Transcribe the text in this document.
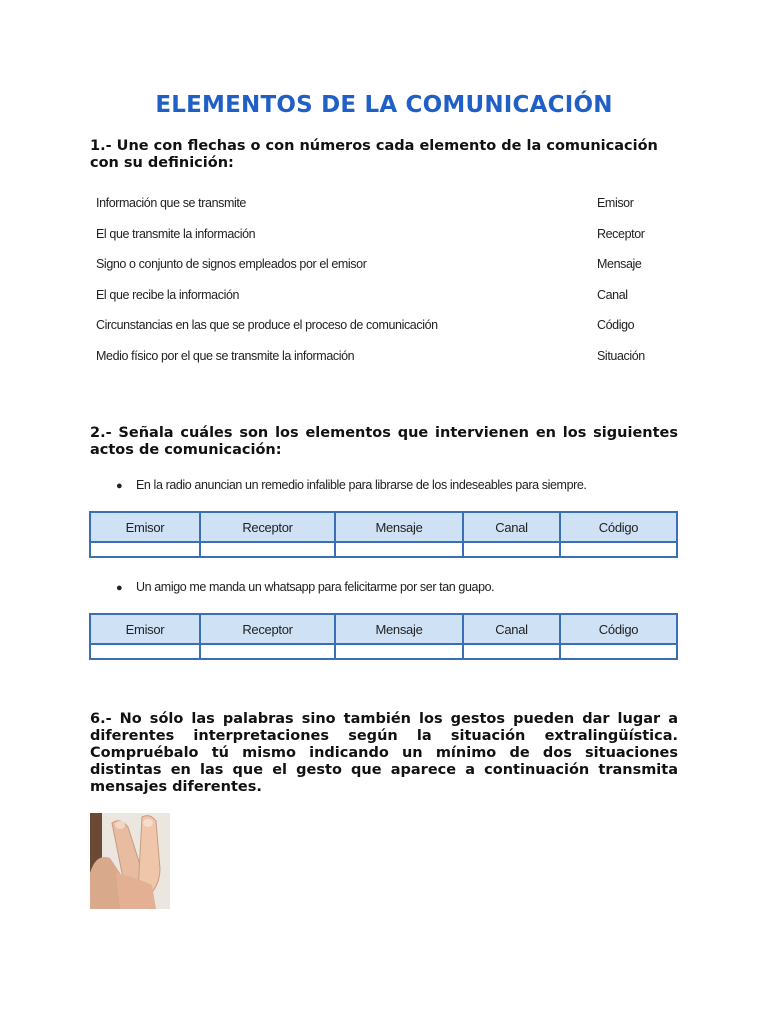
ELEMENTOS DE LA COMUNICACIÓN
1.- Une con flechas o con números cada elemento de la comunicación con su definición:
Información que se transmite	Emisor
El que transmite la información	Receptor
Signo o conjunto de signos empleados por el emisor	Mensaje
El que recibe la información	Canal
Circunstancias en las que se produce el proceso de comunicación	Código
Medio físico por el que se transmite la información	Situación
2.- Señala cuáles son los elementos que intervienen en los siguientes actos de comunicación:
● En la radio anuncian un remedio infalible para librarse de los indeseables para siempre.
Emisor	Receptor	Mensaje	Canal	Código

● Un amigo me manda un whatsapp para felicitarme por ser tan guapo.
Emisor	Receptor	Mensaje	Canal	Código

6.- No sólo las palabras sino también los gestos pueden dar lugar a diferentes interpretaciones según la situación extralingüística. Compruébalo tú mismo indicando un mínimo de dos situaciones distintas en las que el gesto que aparece a continuación transmita mensajes diferentes.
